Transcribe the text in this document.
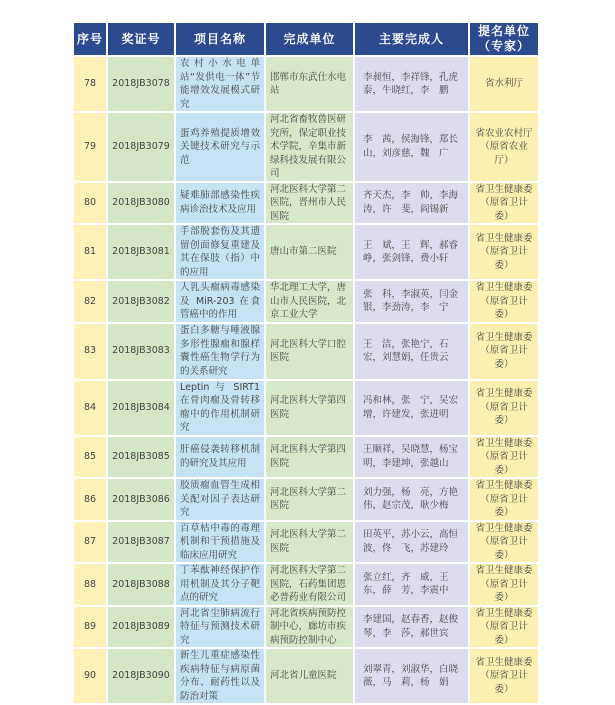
序号	奖证号	项目名称	完成单位	主要完成人	提名单位（专家）
78	2018JB3078	农村小水电单站“发供电一体”节能增效发展模式研究	邯郸市东武仕水电站	李昶恒，李祥锋，孔虎泰，牛晓红，李　鹏	省水利厅
79	2018JB3079	蛋鸡养殖提质增效关键技术研究与示范	河北省畜牧兽医研究所，保定职业技术学院，辛集市新绿科技发展有限公司	李　茜，侯海锋，郑长山，刘彦慈，魏　广	省农业农村厅（原省农业厅）
80	2018JB3080	疑难肺部感染性疾病诊治技术及应用	河北医科大学第二医院，晋州市人民医院	齐天杰，李　帅，李海涛，许　斐，阎锡新	省卫生健康委（原省卫计委）
81	2018JB3081	手部脱套伤及其遗留创面修复重建及其在保肢（指）中的应用	唐山市第二医院	王　斌，王　辉，郝睿峥，张剑锋，费小轩	省卫生健康委（原省卫计委）
82	2018JB3082	人乳头瘤病毒感染及 MiR-203 在食管癌中的作用	华北理工大学，唐山市人民医院，北京工业大学	张　科，李淑英，闫金银，李劲涛，李　宁	省卫生健康委（原省卫计委）
83	2018JB3083	蛋白多糖与唾液腺多形性腺瘤和腺样囊性癌生物学行为的关系研究	河北医科大学口腔医院	王　洁，张艳宁，石　宏，刘慧娟，任贵云	省卫生健康委（原省卫计委）
84	2018JB3084	Leptin 与 SIRT1 在骨肉瘤及骨转移瘤中的作用机制研究	河北医科大学第四医院	冯和林，张　宁，吴宏增，许建发，张进明	省卫生健康委（原省卫计委）
85	2018JB3085	肝癌侵袭转移机制的研究及其应用	河北医科大学第四医院	王顺祥，吴晓慧，杨宝明，李建坤，张越山	省卫生健康委（原省卫计委）
86	2018JB3086	胶质瘤血管生成相关配对因子表达研究	河北医科大学第二医院	刘力强，杨　亮，方艳伟，赵宗茂，耿少梅	省卫生健康委（原省卫计委）
87	2018JB3087	百草枯中毒的毒理机制和干预措施及临床应用研究	河北医科大学第二医院	田英平，苏小云，高恒波，佟　飞，苏建玲	省卫生健康委（原省卫计委）
88	2018JB3088	丁苯酞神经保护作用机制及其分子靶点的研究	河北医科大学第二医院，石药集团恩必普药业有限公司	张立红，齐　威，王　东，薛　芳，李震中	省卫生健康委（原省卫计委）
89	2018JB3089	河北省尘肺病流行特征与预测技术研究	河北省疾病预防控制中心，廊坊市疾病预防控制中心	李建国，赵春香，赵俊琴，李　莎，郝世宾	省卫生健康委（原省卫计委）
90	2018JB3090	新生儿重症感染性疾病特征与病原菌分布、耐药性以及防治对策	河北省儿童医院	刘翠青，刘淑华，白晓薇，马　莉，杨　娟	省卫生健康委（原省卫计委）
